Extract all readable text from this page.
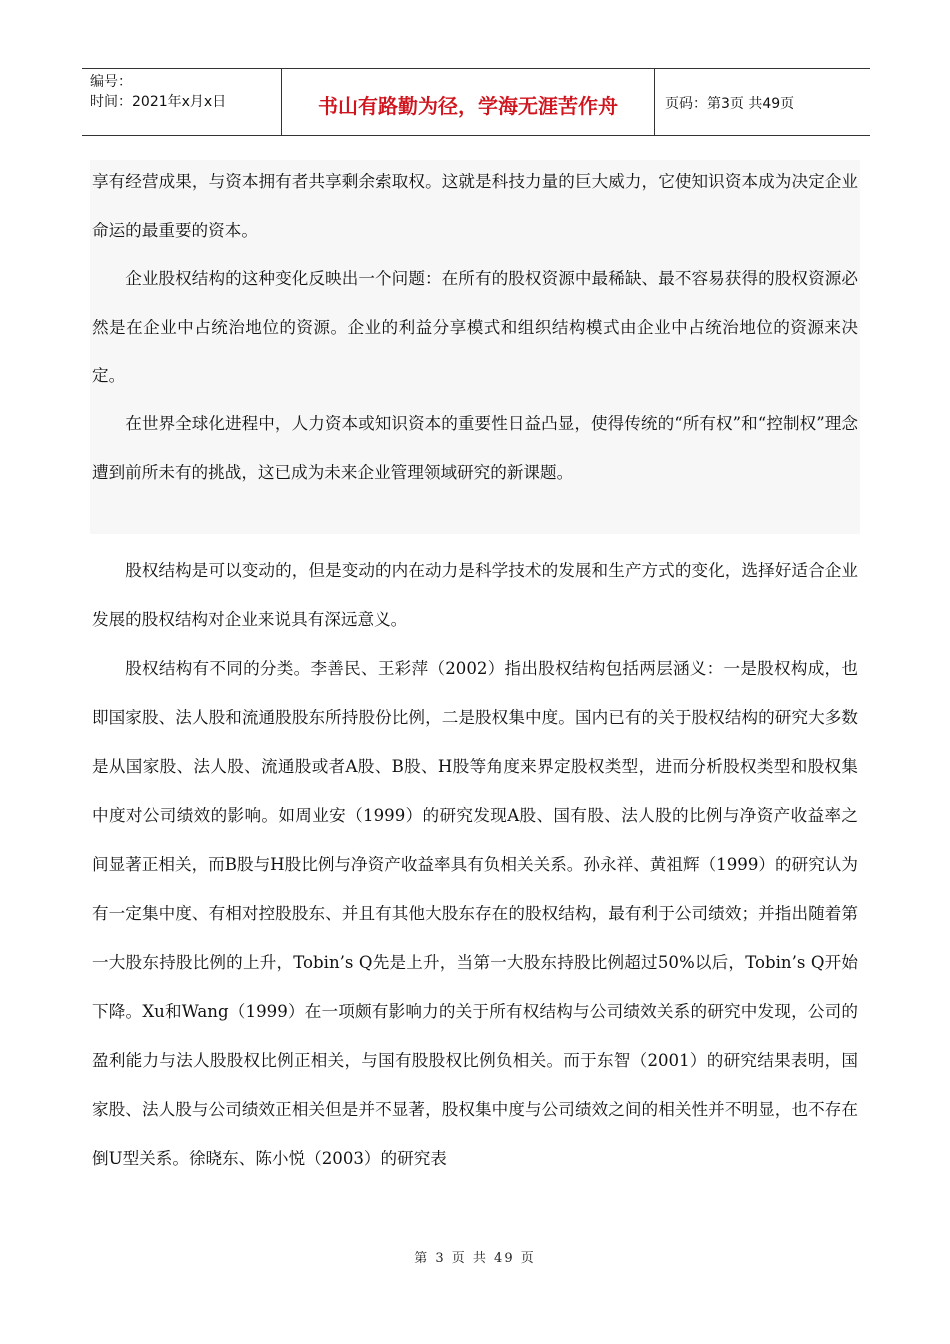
编号：
时间：2021年x月x日	书山有路勤为径，学海无涯苦作舟	页码：第3页 共49页

享有经营成果，与资本拥有者共享剩余索取权。这就是科技力量的巨大威力，它使知识资本成为决定企业命运的最重要的资本。

企业股权结构的这种变化反映出一个问题：在所有的股权资源中最稀缺、最不容易获得的股权资源必然是在企业中占统治地位的资源。企业的利益分享模式和组织结构模式由企业中占统治地位的资源来决定。

在世界全球化进程中，人力资本或知识资本的重要性日益凸显，使得传统的“所有权”和“控制权”理念遭到前所未有的挑战，这已成为未来企业管理领域研究的新课题。

股权结构是可以变动的，但是变动的内在动力是科学技术的发展和生产方式的变化，选择好适合企业发展的股权结构对企业来说具有深远意义。

股权结构有不同的分类。李善民、王彩萍（2002）指出股权结构包括两层涵义：一是股权构成，也即国家股、法人股和流通股股东所持股份比例，二是股权集中度。国内已有的关于股权结构的研究大多数是从国家股、法人股、流通股或者A股、B股、H股等角度来界定股权类型，进而分析股权类型和股权集中度对公司绩效的影响。如周业安（1999）的研究发现A股、国有股、法人股的比例与净资产收益率之间显著正相关，而B股与H股比例与净资产收益率具有负相关关系。孙永祥、黄祖辉（1999）的研究认为有一定集中度、有相对控股股东、并且有其他大股东存在的股权结构，最有利于公司绩效；并指出随着第一大股东持股比例的上升，Tobin’s Q先是上升，当第一大股东持股比例超过50%以后，Tobin’s Q开始下降。Xu和Wang（1999）在一项颇有影响力的关于所有权结构与公司绩效关系的研究中发现，公司的盈利能力与法人股股权比例正相关，与国有股股权比例负相关。而于东智（2001）的研究结果表明，国家股、法人股与公司绩效正相关但是并不显著，股权集中度与公司绩效之间的相关性并不明显，也不存在倒U型关系。徐晓东、陈小悦（2003）的研究表

第 3 页 共 49 页
